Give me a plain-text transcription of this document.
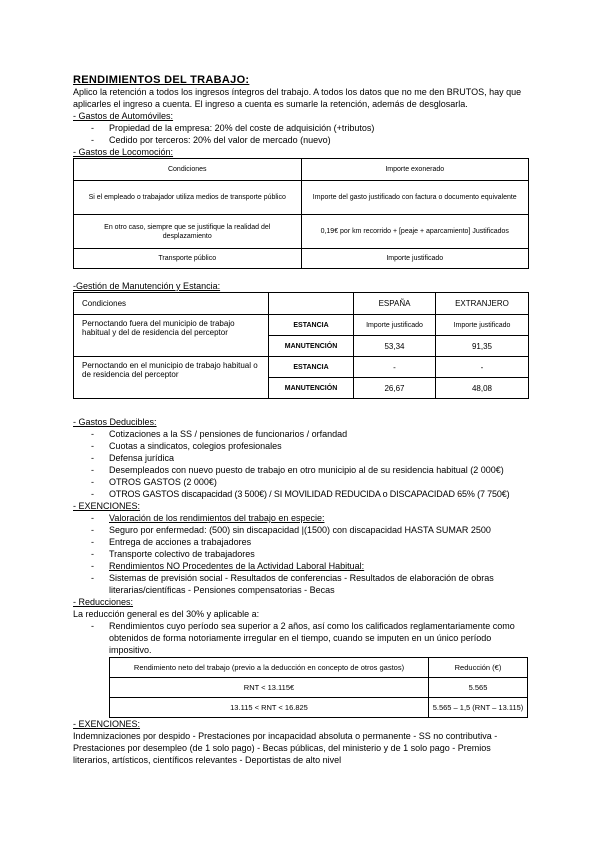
RENDIMIENTOS DEL TRABAJO:
Aplico la retención a todos los ingresos íntegros del trabajo. A todos los datos que no me den BRUTOS, hay que aplicarles el ingreso a cuenta. El ingreso a cuenta es sumarle la retención, además de desglosarla.
- Gastos de Automóviles:
- Propiedad de la empresa: 20% del coste de adquisición (+tributos)
- Cedido por terceros: 20% del valor de mercado (nuevo)
- Gastos de Locomoción:
Condiciones	Importe exonerado
Si el empleado o trabajador utiliza medios de transporte público	Importe del gasto justificado con factura o documento equivalente
En otro caso, siempre que se justifique la realidad del desplazamiento	0,19€ por km recorrido + [peaje + aparcamiento] Justificados
Transporte público	Importe justificado
-Gestión de Manutención y Estancia:
Condiciones		ESPAÑA	EXTRANJERO
Pernoctando fuera del municipio de trabajo habitual y del de residencia del perceptor	ESTANCIA	Importe justificado	Importe justificado
	MANUTENCIÓN	53,34	91,35
Pernoctando en el municipio de trabajo habitual o de residencia del perceptor	ESTANCIA	-	-
	MANUTENCIÓN	26,67	48,08
- Gastos Deducibles:
- Cotizaciones a la SS / pensiones de funcionarios / orfandad
- Cuotas a sindicatos, colegios profesionales
- Defensa jurídica
- Desempleados con nuevo puesto de trabajo en otro municipio al de su residencia habitual (2 000€)
- OTROS GASTOS (2 000€)
- OTROS GASTOS discapacidad (3 500€) / SI MOVILIDAD REDUCIDA o DISCAPACIDAD 65% (7 750€)
- EXENCIONES:
- Valoración de los rendimientos del trabajo en especie:
- Seguro por enfermedad: (500) sin discapacidad |(1500) con discapacidad HASTA SUMAR 2500
- Entrega de acciones a trabajadores
- Transporte colectivo de trabajadores
- Rendimientos NO Procedentes de la Actividad Laboral Habitual:
- Sistemas de previsión social - Resultados de conferencias - Resultados de elaboración de obras literarias/científicas - Pensiones compensatorias - Becas
- Reducciones:
La reducción general es del 30% y aplicable a:
- Rendimientos cuyo período sea superior a 2 años, así como los calificados reglamentariamente como obtenidos de forma notoriamente irregular en el tiempo, cuando se imputen en un único período impositivo.
Rendimiento neto del trabajo (previo a la deducción en concepto de otros gastos)	Reducción (€)
RNT < 13.115€	5.565
13.115 < RNT < 16.825	5.565 – 1,5 (RNT – 13.115)
- EXENCIONES:
Indemnizaciones por despido - Prestaciones por incapacidad absoluta o permanente - SS no contributiva - Prestaciones por desempleo (de 1 solo pago) - Becas públicas, del ministerio y de 1 solo pago - Premios literarios, artísticos, científicos relevantes - Deportistas de alto nivel
